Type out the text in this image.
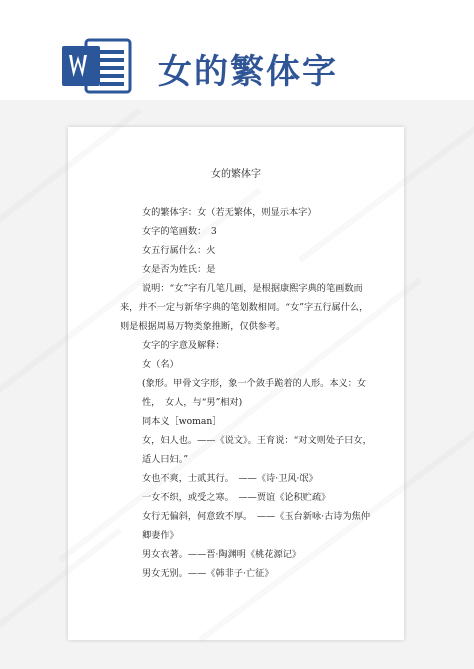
女的繁体字
女的繁体字
女的繁体字：女（若无繁体，则显示本字）
女字的笔画数：　3
女五行属什么：火
女是否为姓氏：是
说明：“女”字有几笔几画，是根据康熙字典的笔画数而
来，并不一定与新华字典的笔划数相同。“女”字五行属什么，
则是根据周易万物类象推断，仅供参考。
女字的字意及解释：
女（名）
(象形。甲骨文字形，象一个敛手跪着的人形。本义：女
性，　女人，与“男”相对)
同本义［woman］
女，妇人也。——《说文》。王育说：“对文则处子曰女，
适人曰妇。”
女也不爽，士贰其行。　——《诗·卫风·氓》
一女不织，或受之寒。　——贾谊《论积贮疏》
女行无偏斜，何意致不厚。　——《玉台新咏·古诗为焦仲
卿妻作》
男女衣著。——晋·陶渊明《桃花源记》
男女无别。——《韩非子·亡征》
